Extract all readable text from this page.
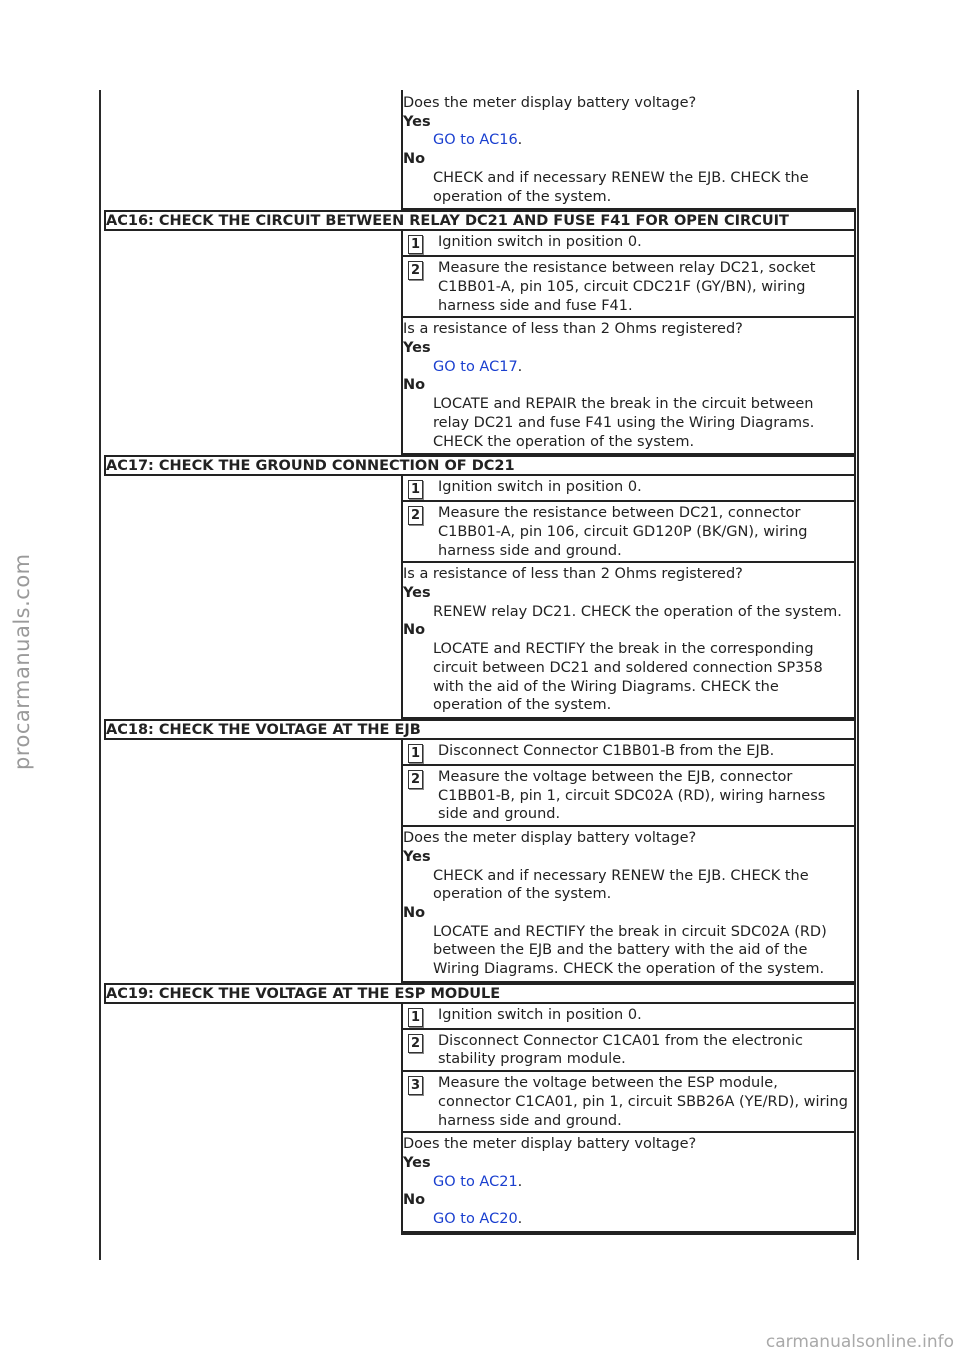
Does the meter display battery voltage?
Yes
GO to AC16.
No
CHECK and if necessary RENEW the EJB. CHECK the operation of the system.
AC16: CHECK THE CIRCUIT BETWEEN RELAY DC21 AND FUSE F41 FOR OPEN CIRCUIT
1 Ignition switch in position 0.
2 Measure the resistance between relay DC21, socket C1BB01-A, pin 105, circuit CDC21F (GY/BN), wiring harness side and fuse F41.
Is a resistance of less than 2 Ohms registered?
Yes
GO to AC17.
No
LOCATE and REPAIR the break in the circuit between relay DC21 and fuse F41 using the Wiring Diagrams. CHECK the operation of the system.
AC17: CHECK THE GROUND CONNECTION OF DC21
1 Ignition switch in position 0.
2 Measure the resistance between DC21, connector C1BB01-A, pin 106, circuit GD120P (BK/GN), wiring harness side and ground.
Is a resistance of less than 2 Ohms registered?
Yes
RENEW relay DC21. CHECK the operation of the system.
No
LOCATE and RECTIFY the break in the corresponding circuit between DC21 and soldered connection SP358 with the aid of the Wiring Diagrams. CHECK the operation of the system.
AC18: CHECK THE VOLTAGE AT THE EJB
1 Disconnect Connector C1BB01-B from the EJB.
2 Measure the voltage between the EJB, connector C1BB01-B, pin 1, circuit SDC02A (RD), wiring harness side and ground.
Does the meter display battery voltage?
Yes
CHECK and if necessary RENEW the EJB. CHECK the operation of the system.
No
LOCATE and RECTIFY the break in circuit SDC02A (RD) between the EJB and the battery with the aid of the Wiring Diagrams. CHECK the operation of the system.
AC19: CHECK THE VOLTAGE AT THE ESP MODULE
1 Ignition switch in position 0.
2 Disconnect Connector C1CA01 from the electronic stability program module.
3 Measure the voltage between the ESP module, connector C1CA01, pin 1, circuit SBB26A (YE/RD), wiring harness side and ground.
Does the meter display battery voltage?
Yes
GO to AC21.
No
GO to AC20.
procarmanuals.com
carmanualsonline.info
